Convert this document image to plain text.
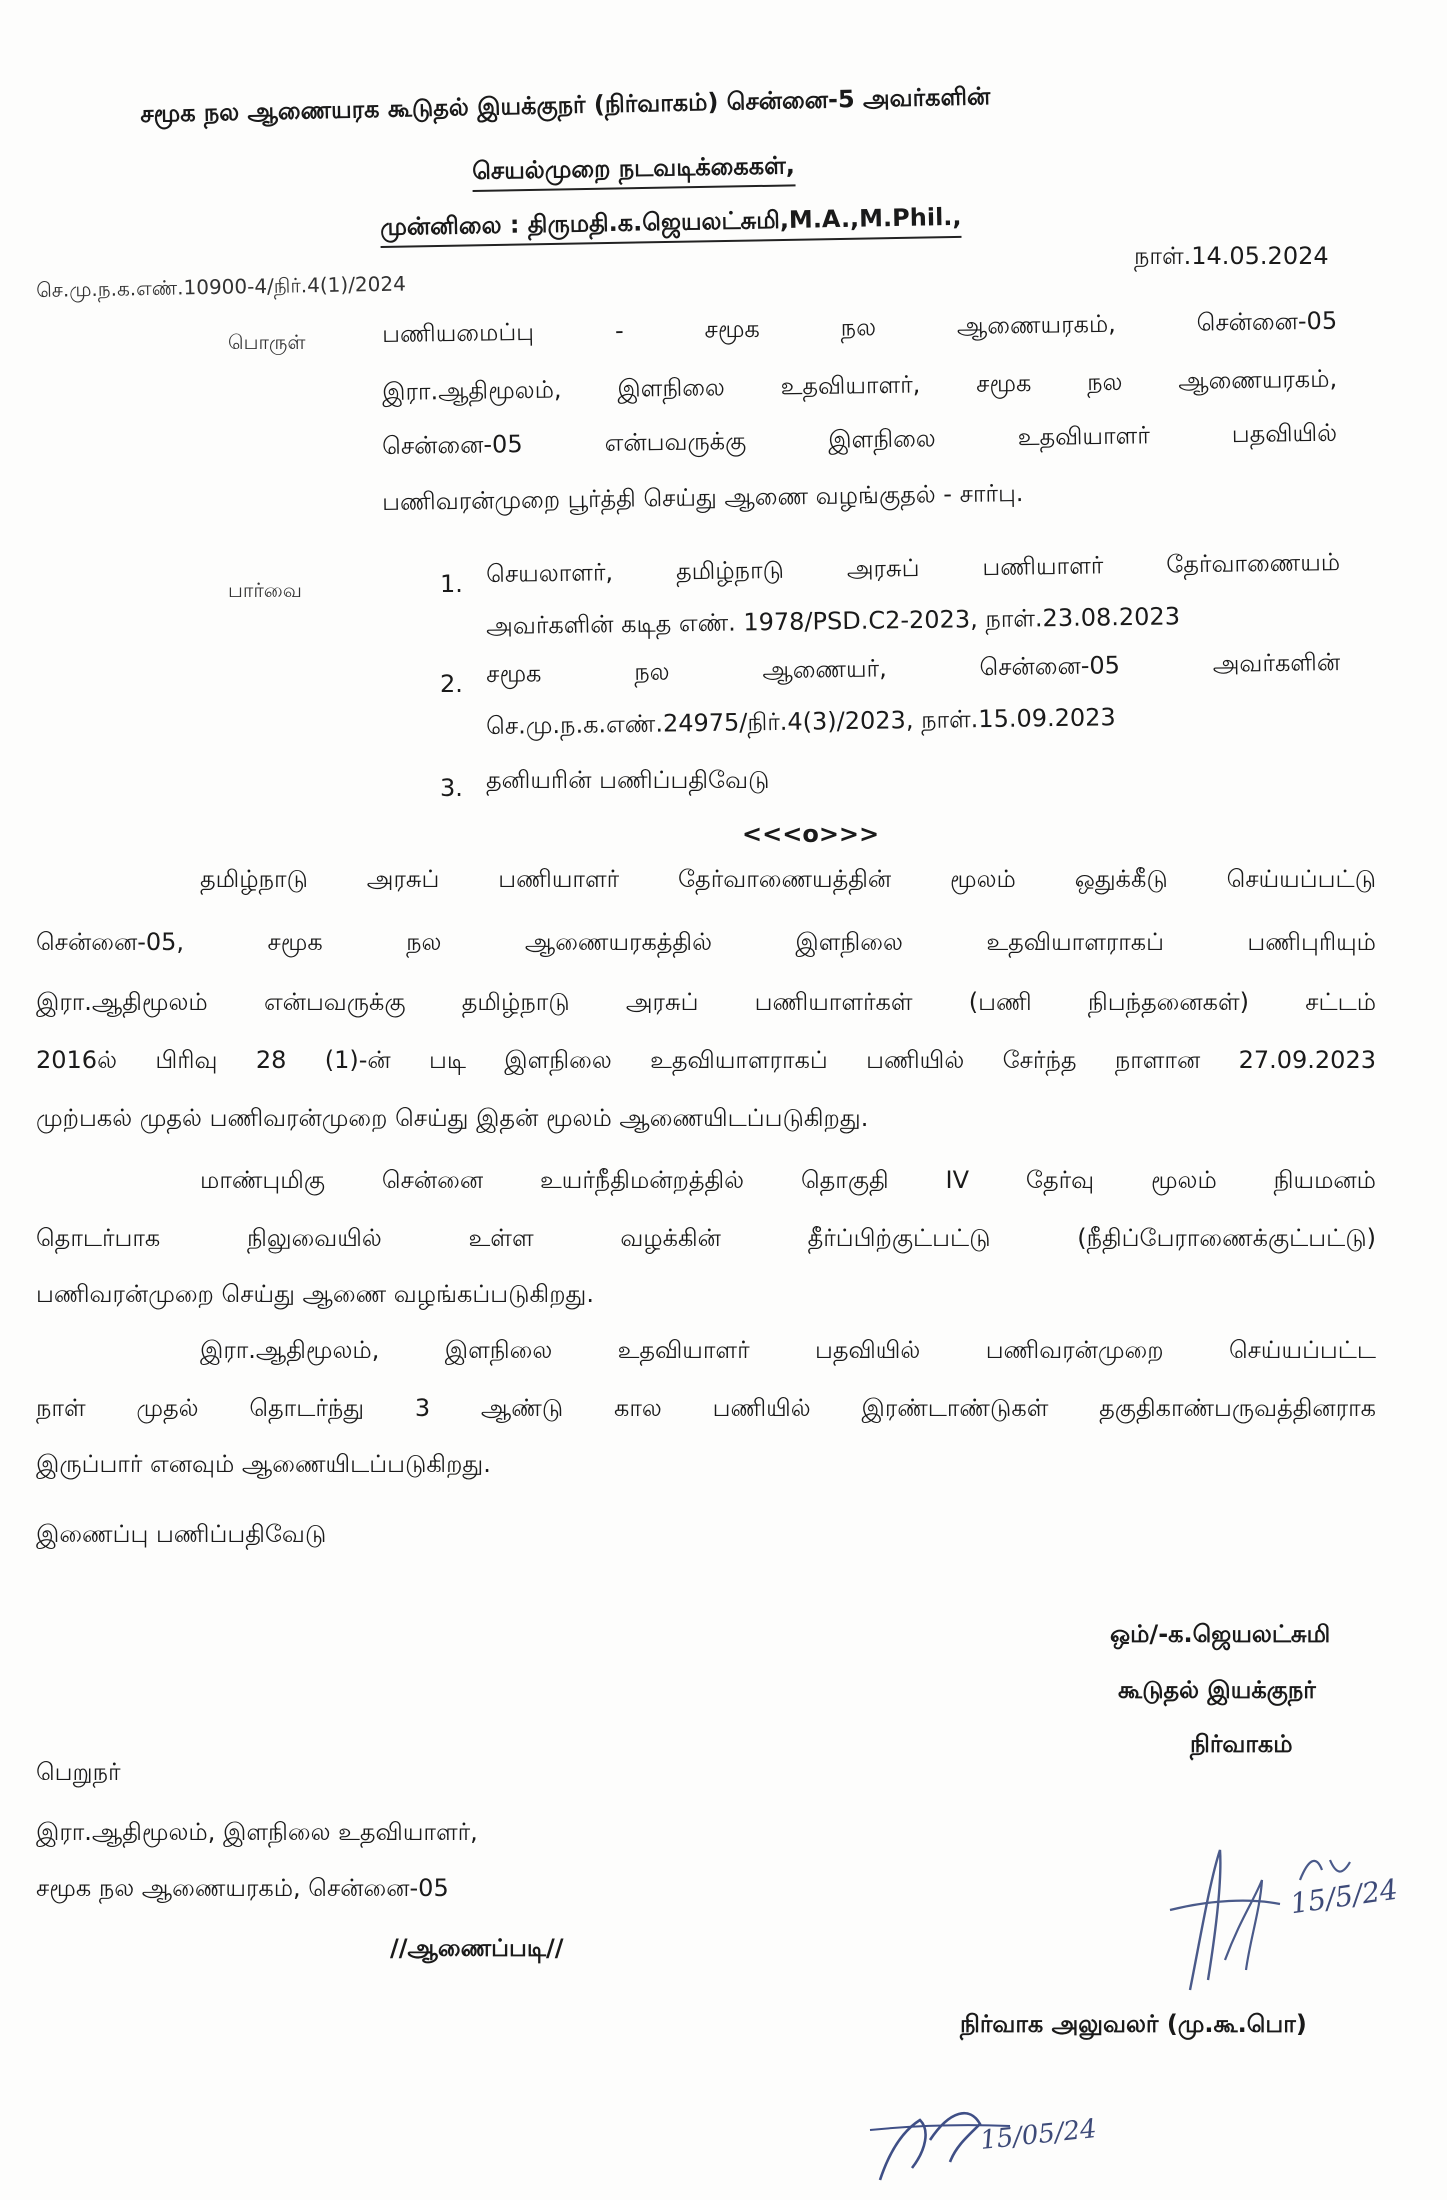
சமூக நல ஆணையரக கூடுதல் இயக்குநர் (நிர்வாகம்) சென்னை-5 அவர்களின்
செயல்முறை நடவடிக்கைகள்,
முன்னிலை : திருமதி.க.ஜெயலட்சுமி,M.A.,M.Phil.,
நாள்.14.05.2024
செ.மு.ந.க.எண்.10900-4/நிர்.4(1)/2024
பொருள்	பணியமைப்பு - சமூக நல ஆணையரகம், சென்னை-05
இரா.ஆதிமூலம், இளநிலை உதவியாளர், சமூக நல ஆணையரகம்,
சென்னை-05 என்பவருக்கு இளநிலை உதவியாளர் பதவியில்
பணிவரன்முறை பூர்த்தி செய்து ஆணை வழங்குதல் - சார்பு.
பார்வை	1. செயலாளர், தமிழ்நாடு அரசுப் பணியாளர் தேர்வாணையம்
அவர்களின் கடித எண். 1978/PSD.C2-2023, நாள்.23.08.2023
2. சமூக நல ஆணையர், சென்னை-05 அவர்களின்
செ.மு.ந.க.எண்.24975/நிர்.4(3)/2023, நாள்.15.09.2023
3. தனியரின் பணிப்பதிவேடு
<<<o>>>
தமிழ்நாடு அரசுப் பணியாளர் தேர்வாணையத்தின் மூலம் ஒதுக்கீடு செய்யப்பட்டு
சென்னை-05, சமூக நல ஆணையரகத்தில் இளநிலை உதவியாளராகப் பணிபுரியும்
இரா.ஆதிமூலம் என்பவருக்கு தமிழ்நாடு அரசுப் பணியாளர்கள் (பணி நிபந்தனைகள்) சட்டம்
2016ல் பிரிவு 28 (1)-ன் படி இளநிலை உதவியாளராகப் பணியில் சேர்ந்த நாளான 27.09.2023
முற்பகல் முதல் பணிவரன்முறை செய்து இதன் மூலம் ஆணையிடப்படுகிறது.
மாண்புமிகு சென்னை உயர்நீதிமன்றத்தில் தொகுதி IV தேர்வு மூலம் நியமனம்
தொடர்பாக நிலுவையில் உள்ள வழக்கின் தீர்ப்பிற்குட்பட்டு (நீதிப்பேராணைக்குட்பட்டு)
பணிவரன்முறை செய்து ஆணை வழங்கப்படுகிறது.
இரா.ஆதிமூலம், இளநிலை உதவியாளர் பதவியில் பணிவரன்முறை செய்யப்பட்ட
நாள் முதல் தொடர்ந்து 3 ஆண்டு கால பணியில் இரண்டாண்டுகள் தகுதிகாண்பருவத்தினராக
இருப்பார் எனவும் ஆணையிடப்படுகிறது.
இணைப்பு பணிப்பதிவேடு
ஒம்/-க.ஜெயலட்சுமி
கூடுதல் இயக்குநர்
நிர்வாகம்
பெறுநர்
இரா.ஆதிமூலம், இளநிலை உதவியாளர்,
சமூக நல ஆணையரகம், சென்னை-05
//ஆணைப்படி//
15/5/24
நிர்வாக அலுவலர் (மு.கூ.பொ)
15/05/24
